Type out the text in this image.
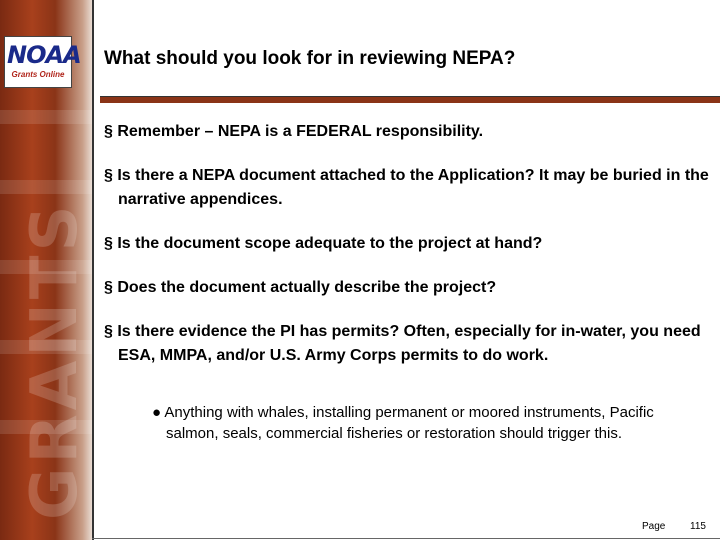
GRANTS
NOAA
Grants Online
What should you look for in reviewing NEPA?
§ Remember – NEPA is a FEDERAL responsibility.
§ Is there a NEPA document attached to the Application? It may be buried in the narrative appendices.
§ Is the document scope adequate to the project at hand?
§ Does the document actually describe the project?
§ Is there evidence the PI has permits? Often, especially for in-water, you need ESA, MMPA, and/or U.S. Army Corps permits to do work.
● Anything with whales, installing permanent or moored instruments, Pacific salmon, seals, commercial fisheries or restoration should trigger this.
Page 115
